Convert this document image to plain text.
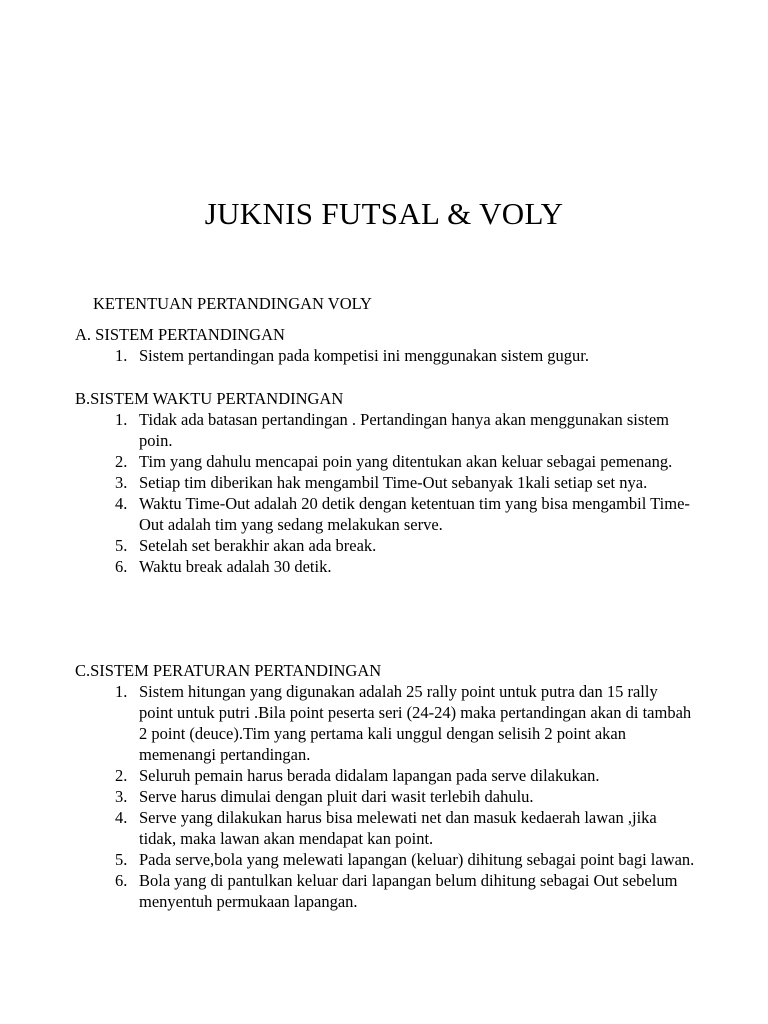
JUKNIS FUTSAL & VOLY
KETENTUAN PERTANDINGAN VOLY
A. SISTEM PERTANDINGAN
1. Sistem pertandingan pada kompetisi ini menggunakan sistem gugur.
B.SISTEM WAKTU PERTANDINGAN
1. Tidak ada batasan pertandingan . Pertandingan hanya akan menggunakan sistem poin.
2. Tim yang dahulu mencapai poin yang ditentukan akan keluar sebagai pemenang.
3. Setiap tim diberikan hak mengambil Time-Out sebanyak 1kali setiap set nya.
4. Waktu Time-Out adalah 20 detik dengan ketentuan tim yang bisa mengambil Time-Out adalah tim yang sedang melakukan serve.
5. Setelah set berakhir akan ada break.
6. Waktu break adalah 30 detik.
C.SISTEM PERATURAN PERTANDINGAN
1. Sistem hitungan yang digunakan adalah 25 rally point untuk putra dan 15 rally point untuk putri .Bila point peserta seri (24-24) maka pertandingan akan di tambah 2 point (deuce).Tim yang pertama kali unggul dengan selisih 2 point akan memenangi pertandingan.
2. Seluruh pemain harus berada didalam lapangan pada serve dilakukan.
3. Serve harus dimulai dengan pluit dari wasit terlebih dahulu.
4. Serve yang dilakukan harus bisa melewati net dan masuk kedaerah lawan ,jika tidak, maka lawan akan mendapat kan point.
5. Pada serve,bola yang melewati lapangan (keluar) dihitung sebagai point bagi lawan.
6. Bola yang di pantulkan keluar dari lapangan belum dihitung sebagai Out sebelum menyentuh permukaan lapangan.
